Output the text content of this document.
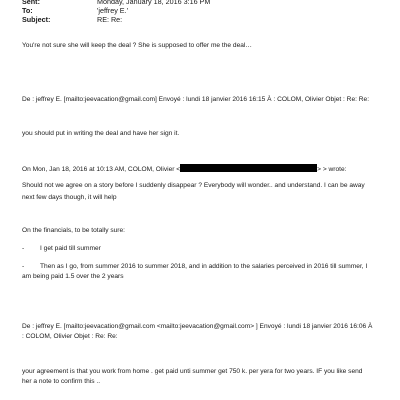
Sent:	Monday, January 18, 2016 3:16 PM
To:	'jeffrey E.'
Subject:	RE: Re:
You're not sure she will keep the deal ? She is supposed to offer me the deal…
De : jeffrey E. [mailto:jeevacation@gmail.com] Envoyé : lundi 18 janvier 2016 16:15 À : COLOM, Olivier Objet : Re: Re:
you should put in writing the deal and have her sign it.
On Mon, Jan 18, 2016 at 10:13 AM, COLOM, Olivier <	> > wrote:
Should not we agree on a story before I suddenly disappear ? Everybody will wonder.. and understand. I can be away
next few days though, it will help
On the financials, to be totally sure:
- I get paid till summer
- Then as I go, from summer 2016 to summer 2018, and in addition to the salaries perceived in 2016 till summer, I
am being paid 1.5 over the 2 years
De : jeffrey E. [mailto:jeevacation@gmail.com <mailto:jeevacation@gmail.com> ] Envoyé : lundi 18 janvier 2016 16:06 À
: COLOM, Olivier Objet : Re: Re:
your agreement is that you work from home . get paid unti summer get 750 k. per yera for two years. IF you like send
her a note to confirm this ..
